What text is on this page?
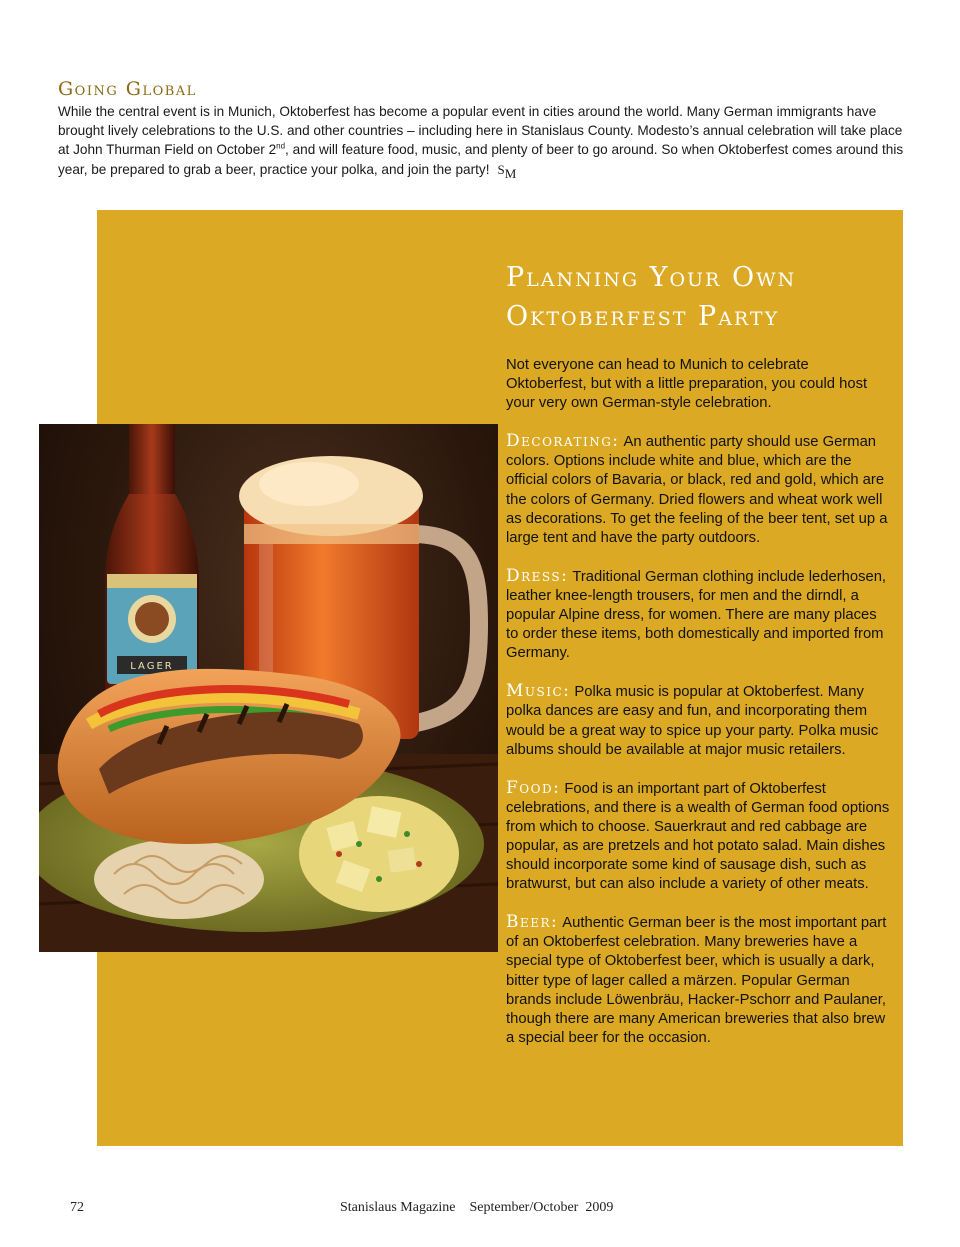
Going Global

While the central event is in Munich, Oktoberfest has become a popular event in cities around the world. Many German immigrants have brought lively celebrations to the U.S. and other countries – including here in Stanislaus County. Modesto’s annual celebration will take place at John Thurman Field on October 2nd, and will feature food, music, and plenty of beer to go around. So when Oktoberfest comes around this year, be prepared to grab a beer, practice your polka, and join the party! SM

Planning Your Own
Oktoberfest Party

Not everyone can head to Munich to celebrate Oktoberfest, but with a little preparation, you could host your very own German-style celebration.

Decorating: An authentic party should use German colors. Options include white and blue, which are the official colors of Bavaria, or black, red and gold, which are the colors of Germany. Dried flowers and wheat work well as decorations. To get the feeling of the beer tent, set up a large tent and have the party outdoors.

Dress: Traditional German clothing include lederhosen, leather knee-length trousers, for men and the dirndl, a popular Alpine dress, for women. There are many places to order these items, both domestically and imported from Germany.

Music: Polka music is popular at Oktoberfest. Many polka dances are easy and fun, and incorporating them would be a great way to spice up your party. Polka music albums should be available at major music retailers.

Food: Food is an important part of Oktoberfest celebrations, and there is a wealth of German food options from which to choose. Sauerkraut and red cabbage are popular, as are pretzels and hot potato salad. Main dishes should incorporate some kind of sausage dish, such as bratwurst, but can also include a variety of other meats.

Beer: Authentic German beer is the most important part of an Oktoberfest celebration. Many breweries have a special type of Oktoberfest beer, which is usually a dark, bitter type of lager called a märzen. Popular German brands include Löwenbräu, Hacker-Pschorr and Paulaner, though there are many American breweries that also brew a special beer for the occasion.

LAGER
72	Stanislaus Magazine    September/October  2009
